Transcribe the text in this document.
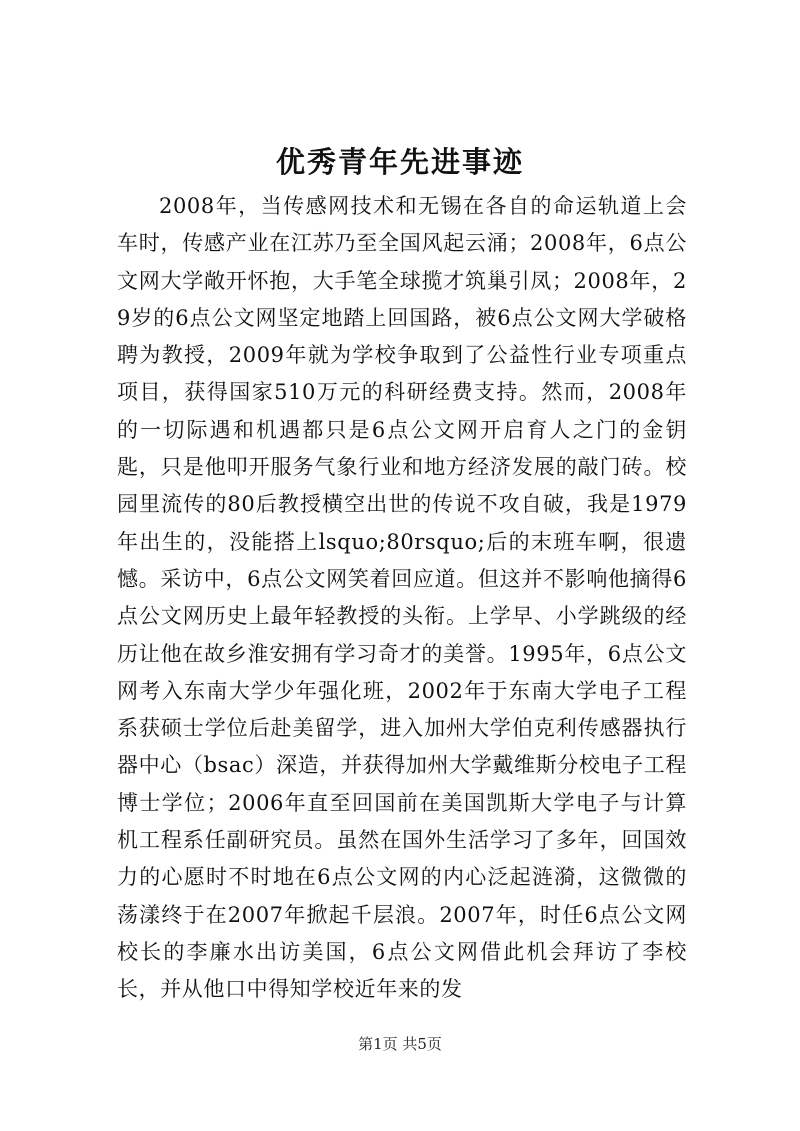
优秀青年先进事迹

2008年，当传感网技术和无锡在各自的命运轨道上会车时，传感产业在江苏乃至全国风起云涌；2008年，6点公文网大学敞开怀抱，大手笔全球揽才筑巢引凤；2008年，29岁的6点公文网坚定地踏上回国路，被6点公文网大学破格聘为教授，2009年就为学校争取到了公益性行业专项重点项目，获得国家510万元的科研经费支持。然而，2008年的一切际遇和机遇都只是6点公文网开启育人之门的金钥匙，只是他叩开服务气象行业和地方经济发展的敲门砖。校园里流传的80后教授横空出世的传说不攻自破，我是1979年出生的，没能搭上lsquo;80rsquo;后的末班车啊，很遗憾。采访中，6点公文网笑着回应道。但这并不影响他摘得6点公文网历史上最年轻教授的头衔。上学早、小学跳级的经历让他在故乡淮安拥有学习奇才的美誉。1995年，6点公文网考入东南大学少年强化班，2002年于东南大学电子工程系获硕士学位后赴美留学，进入加州大学伯克利传感器执行器中心（bsac）深造，并获得加州大学戴维斯分校电子工程博士学位；2006年直至回国前在美国凯斯大学电子与计算机工程系任副研究员。虽然在国外生活学习了多年，回国效力的心愿时不时地在6点公文网的内心泛起涟漪，这微微的荡漾终于在2007年掀起千层浪。2007年，时任6点公文网校长的李廉水出访美国，6点公文网借此机会拜访了李校长，并从他口中得知学校近年来的发

第1页 共5页
